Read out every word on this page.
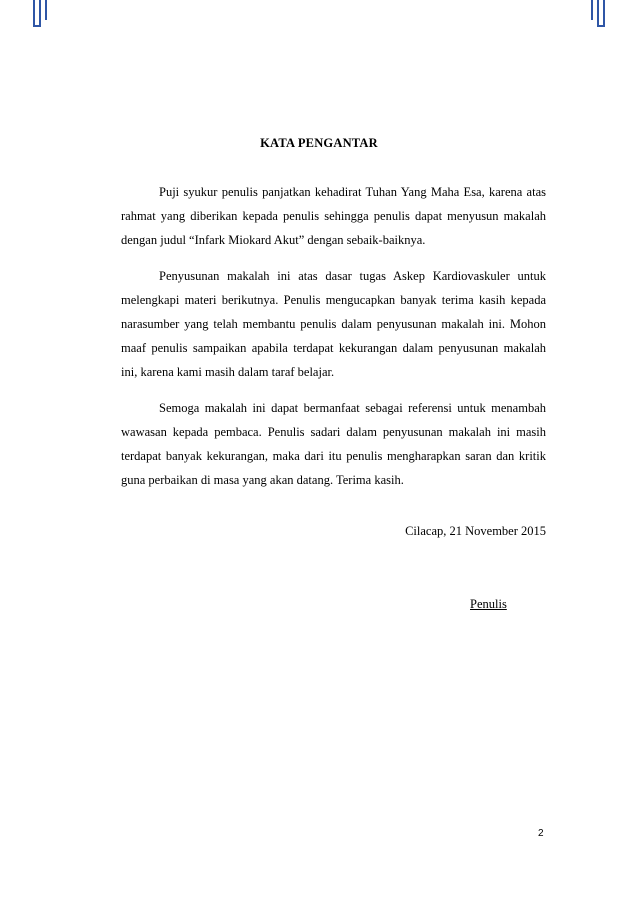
KATA PENGANTAR

Puji syukur penulis panjatkan kehadirat Tuhan Yang Maha Esa, karena atas rahmat yang diberikan kepada penulis sehingga penulis dapat menyusun makalah dengan judul “Infark Miokard Akut” dengan sebaik-baiknya.

Penyusunan makalah ini atas dasar tugas Askep Kardiovaskuler untuk melengkapi materi berikutnya. Penulis mengucapkan banyak terima kasih kepada narasumber yang telah membantu penulis dalam penyusunan makalah ini. Mohon maaf penulis sampaikan apabila terdapat kekurangan dalam penyusunan makalah ini, karena kami masih dalam taraf belajar.

Semoga makalah ini dapat bermanfaat sebagai referensi untuk menambah wawasan kepada pembaca. Penulis sadari dalam penyusunan makalah ini masih terdapat banyak kekurangan, maka dari itu penulis mengharapkan saran dan kritik guna perbaikan di masa yang akan datang. Terima kasih.

Cilacap, 21 November 2015
Penulis
2
